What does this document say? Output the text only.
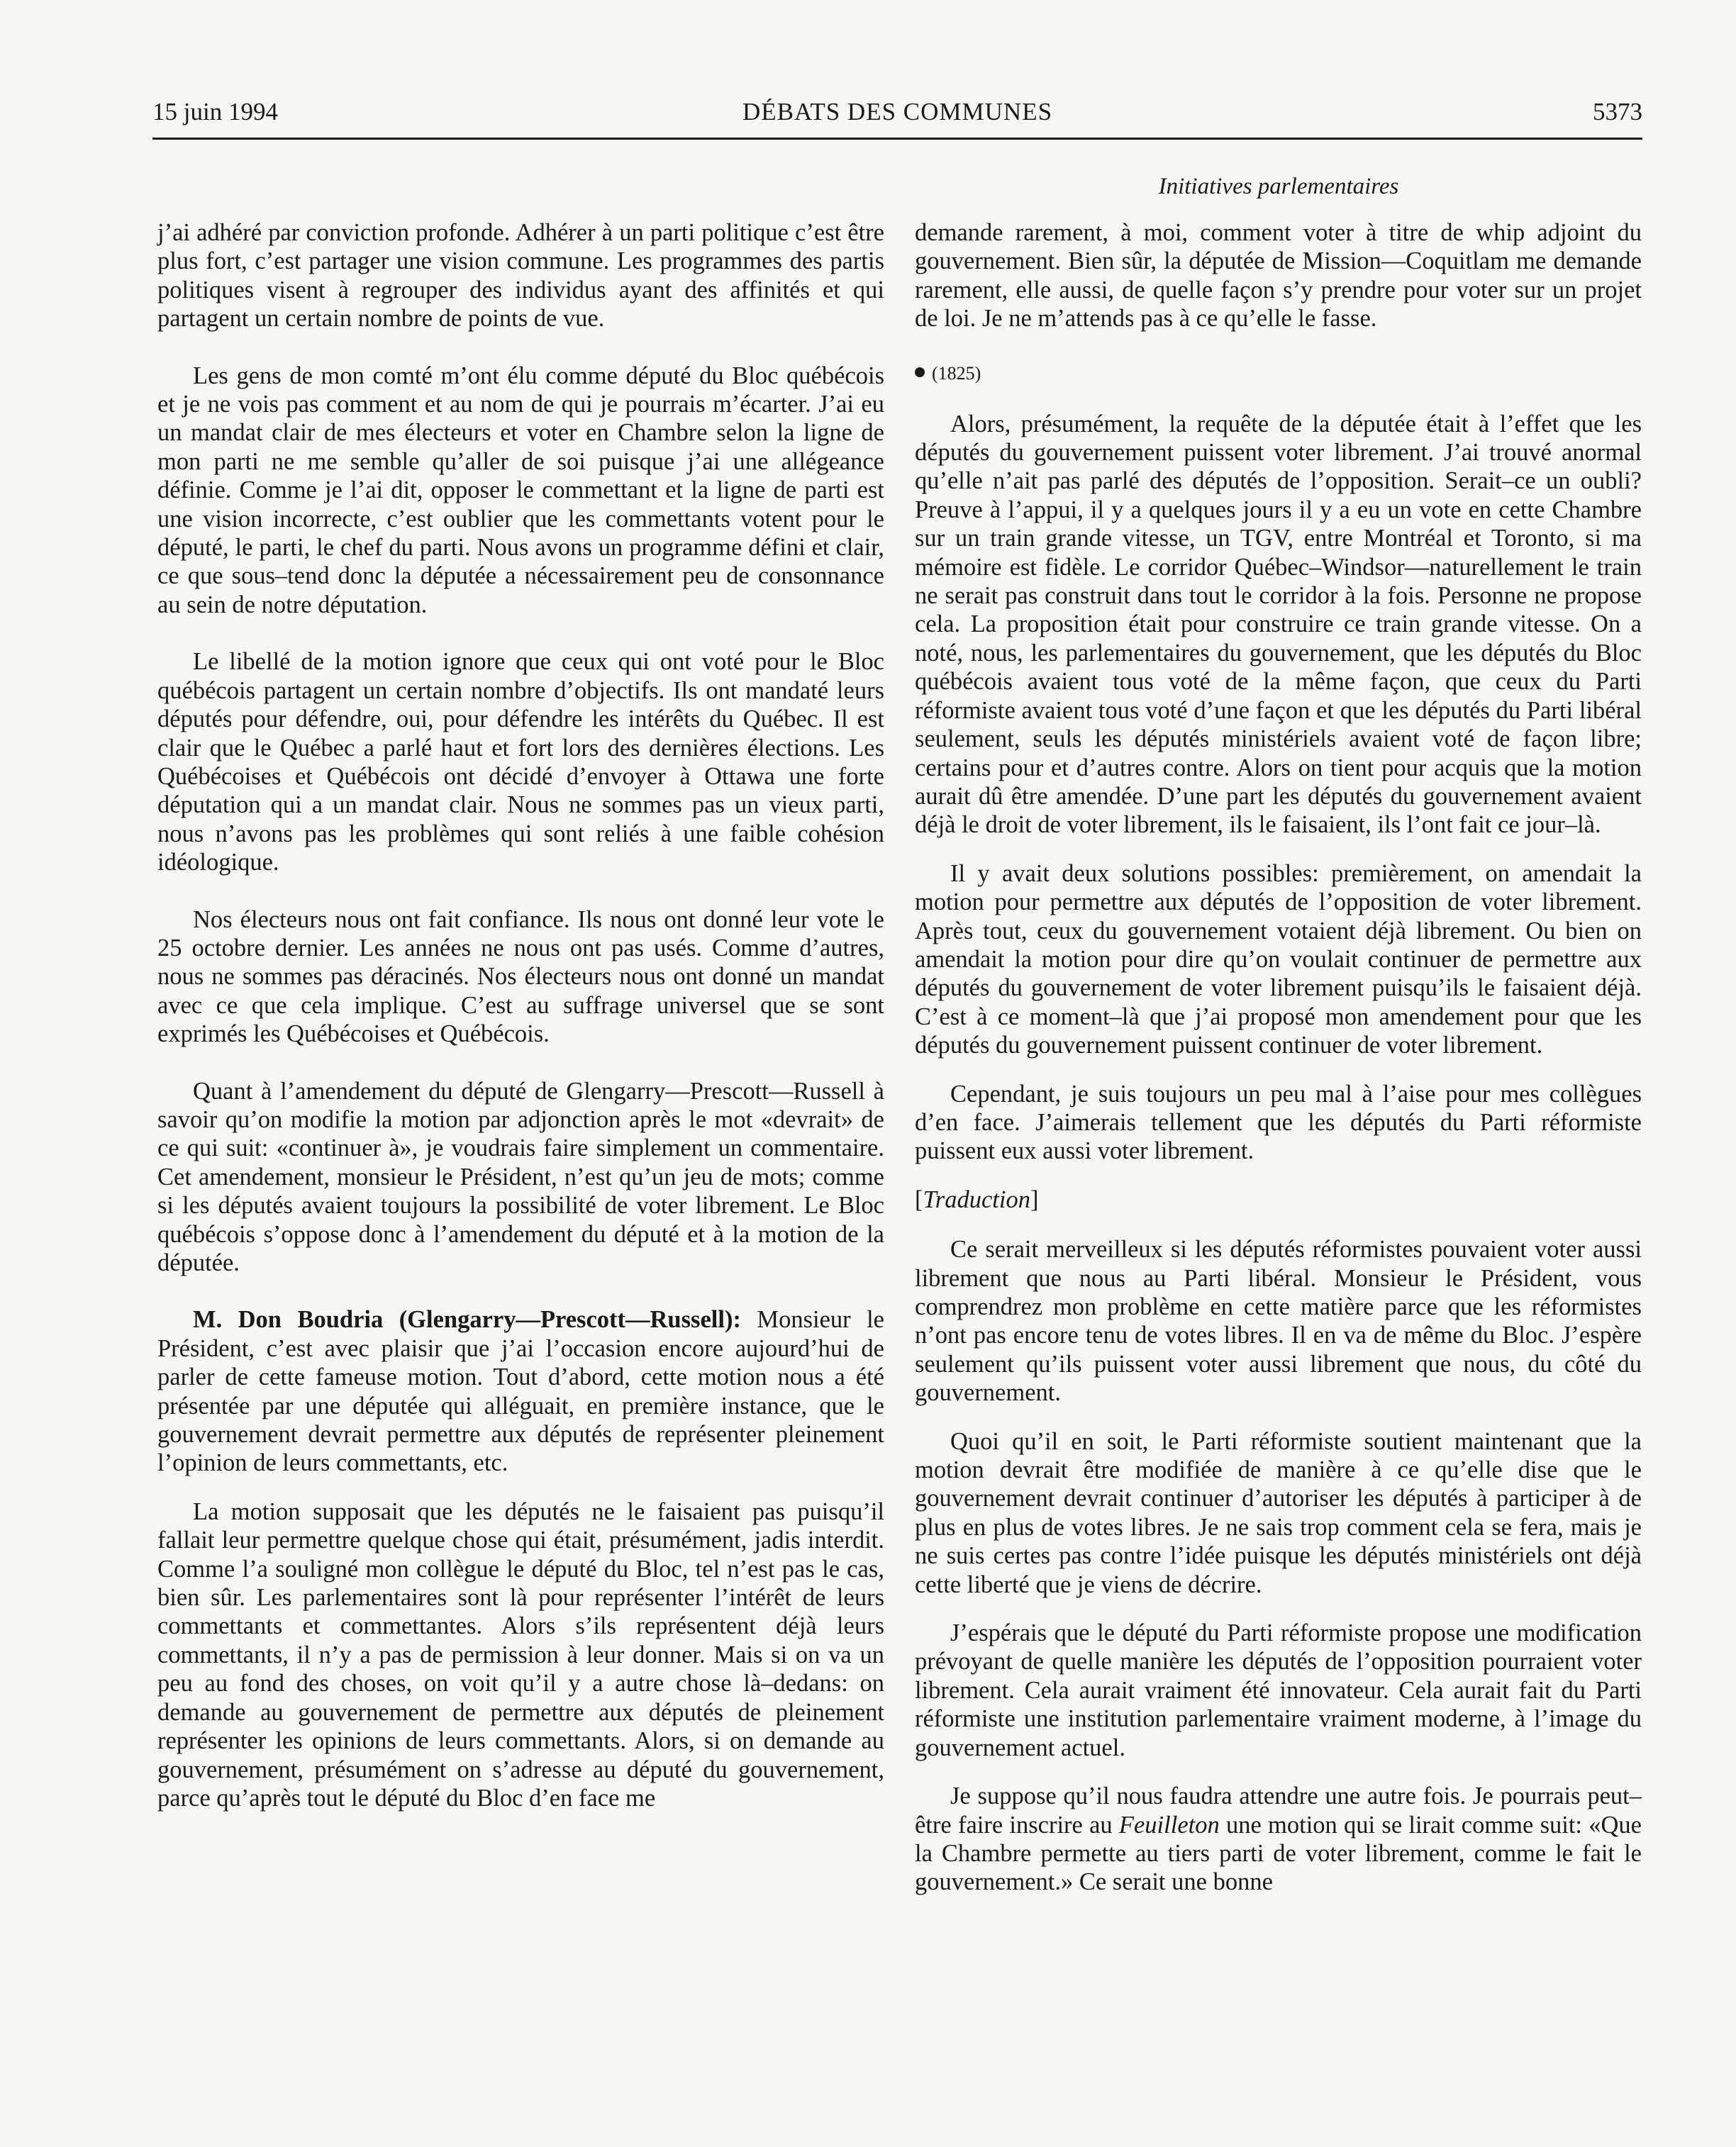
15 juin 1994	DÉBATS DES COMMUNES	5373
Initiatives parlementaires

j’ai adhéré par conviction profonde. Adhérer à un parti politique c’est être plus fort, c’est partager une vision commune. Les programmes des partis politiques visent à regrouper des individus ayant des affinités et qui partagent un certain nombre de points de vue.

Les gens de mon comté m’ont élu comme député du Bloc québécois et je ne vois pas comment et au nom de qui je pourrais m’écarter. J’ai eu un mandat clair de mes électeurs et voter en Chambre selon la ligne de mon parti ne me semble qu’aller de soi puisque j’ai une allégeance définie. Comme je l’ai dit, opposer le commettant et la ligne de parti est une vision incorrecte, c’est oublier que les commettants votent pour le député, le parti, le chef du parti. Nous avons un programme défini et clair, ce que sous–tend donc la députée a nécessairement peu de consonnance au sein de notre députation.

Le libellé de la motion ignore que ceux qui ont voté pour le Bloc québécois partagent un certain nombre d’objectifs. Ils ont mandaté leurs députés pour défendre, oui, pour défendre les intérêts du Québec. Il est clair que le Québec a parlé haut et fort lors des dernières élections. Les Québécoises et Québécois ont décidé d’envoyer à Ottawa une forte députation qui a un mandat clair. Nous ne sommes pas un vieux parti, nous n’avons pas les problèmes qui sont reliés à une faible cohésion idéologique.

Nos électeurs nous ont fait confiance. Ils nous ont donné leur vote le 25 octobre dernier. Les années ne nous ont pas usés. Comme d’autres, nous ne sommes pas déracinés. Nos électeurs nous ont donné un mandat avec ce que cela implique. C’est au suffrage universel que se sont exprimés les Québécoises et Québécois.

Quant à l’amendement du député de Glengarry—Prescott—Russell à savoir qu’on modifie la motion par adjonction après le mot «devrait» de ce qui suit: «continuer à», je voudrais faire simplement un commentaire. Cet amendement, monsieur le Président, n’est qu’un jeu de mots; comme si les députés avaient toujours la possibilité de voter librement. Le Bloc québécois s’oppose donc à l’amendement du député et à la motion de la députée.

M. Don Boudria (Glengarry—Prescott—Russell): Monsieur le Président, c’est avec plaisir que j’ai l’occasion encore aujourd’hui de parler de cette fameuse motion. Tout d’abord, cette motion nous a été présentée par une députée qui alléguait, en première instance, que le gouvernement devrait permettre aux députés de représenter pleinement l’opinion de leurs commettants, etc.

La motion supposait que les députés ne le faisaient pas puisqu’il fallait leur permettre quelque chose qui était, présumément, jadis interdit. Comme l’a souligné mon collègue le député du Bloc, tel n’est pas le cas, bien sûr. Les parlementaires sont là pour représenter l’intérêt de leurs commettants et commettantes. Alors s’ils représentent déjà leurs commettants, il n’y a pas de permission à leur donner. Mais si on va un peu au fond des choses, on voit qu’il y a autre chose là–dedans: on demande au gouvernement de permettre aux députés de pleinement représenter les opinions de leurs commettants. Alors, si on demande au gouvernement, présumément on s’adresse au député du gouvernement, parce qu’après tout le député du Bloc d’en face me

demande rarement, à moi, comment voter à titre de whip adjoint du gouvernement. Bien sûr, la députée de Mission—Coquitlam me demande rarement, elle aussi, de quelle façon s’y prendre pour voter sur un projet de loi. Je ne m’attends pas à ce qu’elle le fasse.

(1825)

Alors, présumément, la requête de la députée était à l’effet que les députés du gouvernement puissent voter librement. J’ai trouvé anormal qu’elle n’ait pas parlé des députés de l’opposition. Serait–ce un oubli? Preuve à l’appui, il y a quelques jours il y a eu un vote en cette Chambre sur un train grande vitesse, un TGV, entre Montréal et Toronto, si ma mémoire est fidèle. Le corridor Québec–Windsor—naturellement le train ne serait pas construit dans tout le corridor à la fois. Personne ne propose cela. La proposition était pour construire ce train grande vitesse. On a noté, nous, les parlementaires du gouvernement, que les députés du Bloc québécois avaient tous voté de la même façon, que ceux du Parti réformiste avaient tous voté d’une façon et que les députés du Parti libéral seulement, seuls les députés ministériels avaient voté de façon libre; certains pour et d’autres contre. Alors on tient pour acquis que la motion aurait dû être amendée. D’une part les députés du gouvernement avaient déjà le droit de voter librement, ils le faisaient, ils l’ont fait ce jour–là.

Il y avait deux solutions possibles: premièrement, on amendait la motion pour permettre aux députés de l’opposition de voter librement. Après tout, ceux du gouvernement votaient déjà librement. Ou bien on amendait la motion pour dire qu’on voulait continuer de permettre aux députés du gouvernement de voter librement puisqu’ils le faisaient déjà. C’est à ce moment–là que j’ai proposé mon amendement pour que les députés du gouvernement puissent continuer de voter librement.

Cependant, je suis toujours un peu mal à l’aise pour mes collègues d’en face. J’aimerais tellement que les députés du Parti réformiste puissent eux aussi voter librement.

[Traduction]

Ce serait merveilleux si les députés réformistes pouvaient voter aussi librement que nous au Parti libéral. Monsieur le Président, vous comprendrez mon problème en cette matière parce que les réformistes n’ont pas encore tenu de votes libres. Il en va de même du Bloc. J’espère seulement qu’ils puissent voter aussi librement que nous, du côté du gouvernement.

Quoi qu’il en soit, le Parti réformiste soutient maintenant que la motion devrait être modifiée de manière à ce qu’elle dise que le gouvernement devrait continuer d’autoriser les députés à participer à de plus en plus de votes libres. Je ne sais trop comment cela se fera, mais je ne suis certes pas contre l’idée puisque les députés ministériels ont déjà cette liberté que je viens de décrire.

J’espérais que le député du Parti réformiste propose une modification prévoyant de quelle manière les députés de l’opposition pourraient voter librement. Cela aurait vraiment été innovateur. Cela aurait fait du Parti réformiste une institution parlementaire vraiment moderne, à l’image du gouvernement actuel.

Je suppose qu’il nous faudra attendre une autre fois. Je pourrais peut–être faire inscrire au Feuilleton une motion qui se lirait comme suit: «Que la Chambre permette au tiers parti de voter librement, comme le fait le gouvernement.» Ce serait une bonne
